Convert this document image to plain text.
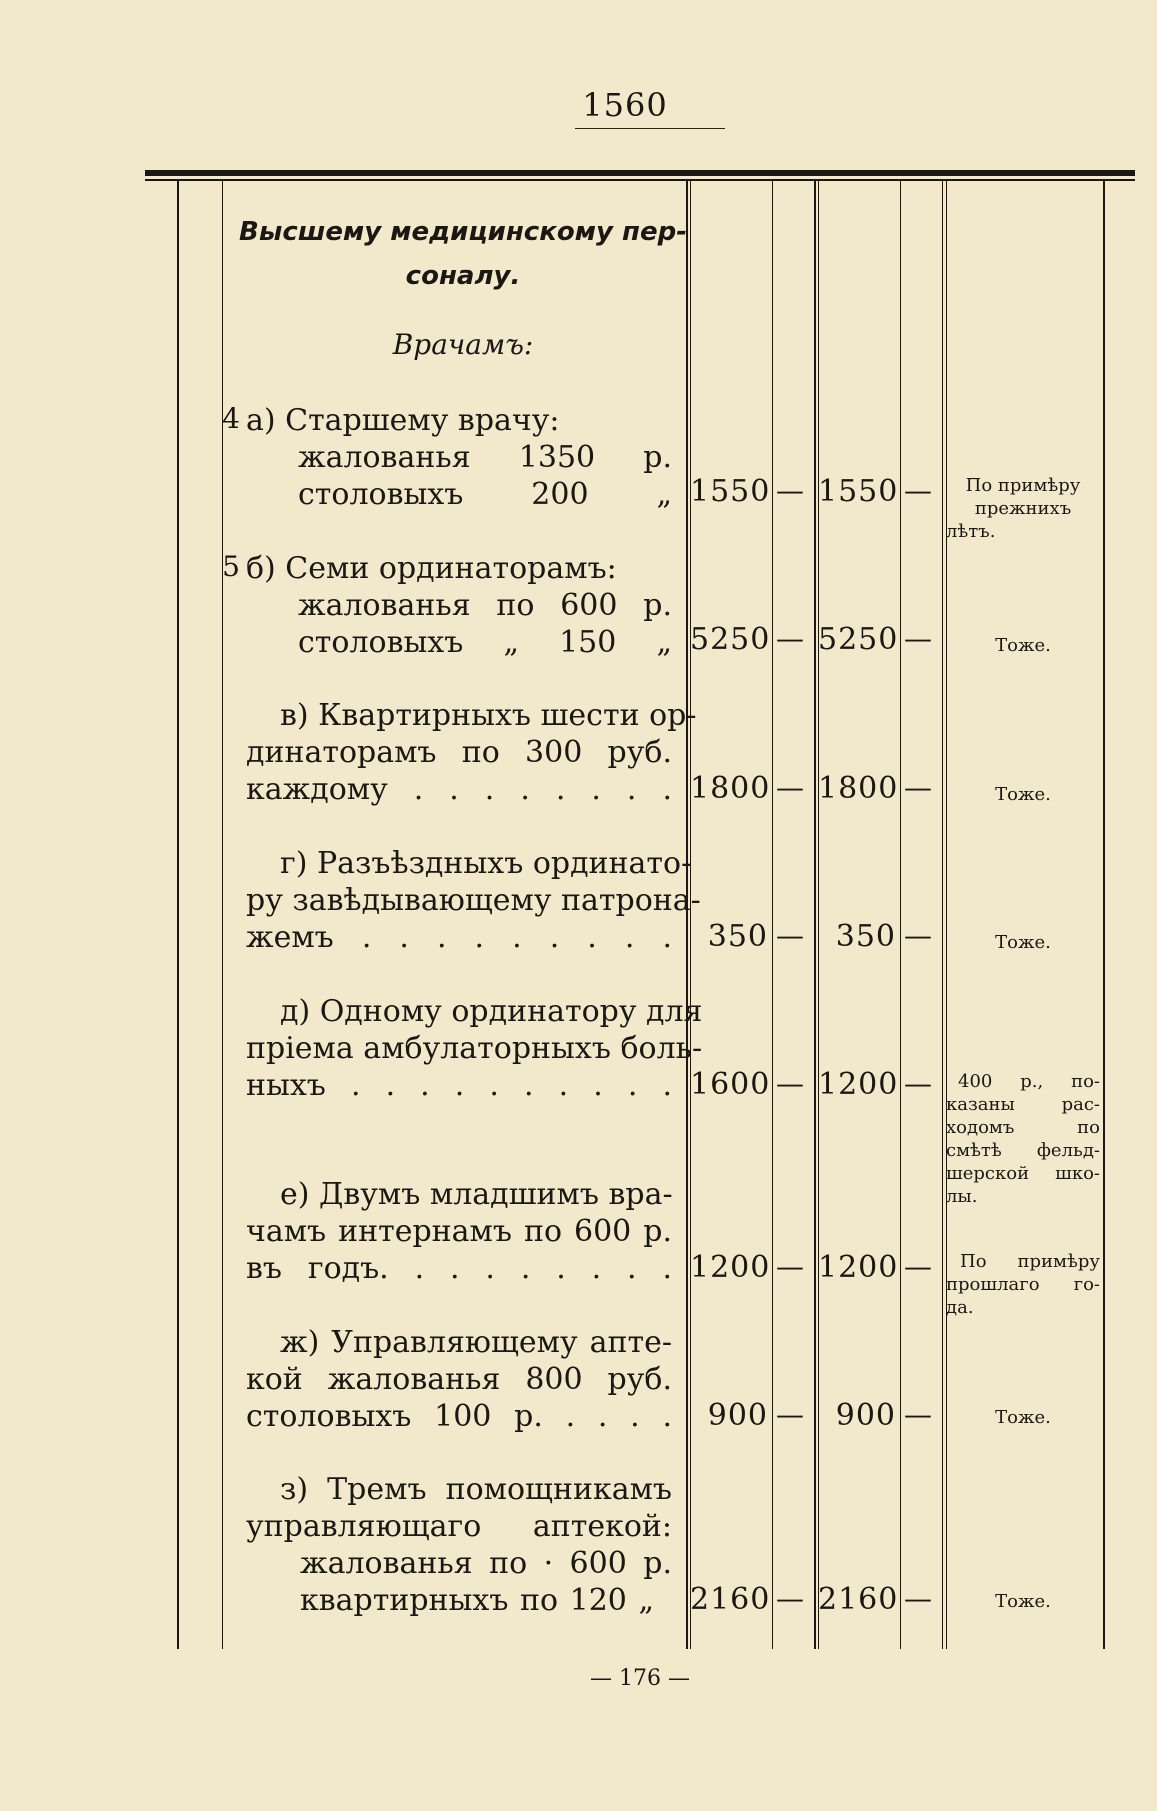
1560
Высшему медицинскому пер-
соналу.
Врачамъ:
4 а) Старшему врачу:
жалованья 1350 р.
столовыхъ 200 „ 1550 — 1550 —	По примѣру
прежнихъ
лѣтъ.
5 б) Семи ординаторамъ:
жалованья по 600 р.
столовыхъ „ 150 „ 5250 — 5250 —	Тоже.
в) Квартирныхъ шести ор-
динаторамъ по 300 руб.
каждому . . . . . . . . 1800 — 1800 —	Тоже.
г) Разъѣздныхъ ординато-
ру завѣдывающему патрона-
жемъ . . . . . . . . .	350 —	350 —	Тоже.
д) Одному ординатору для
пріема амбулаторныхъ боль-
ныхъ . . . . . . . . . . 1600 — 1200 —	400 р., по-
казаны рас-
ходомъ по
смѣтѣ фельд-
шерской шко-
лы.
е) Двумъ младшимъ вра-
чамъ интернамъ по 600 р.
въ годъ. . . . . . . . . 1200 — 1200 —	По примѣру
прошлаго го-
да.
ж) Управляющему апте-
кой жалованья 800 руб.
столовыхъ 100 р. . . . .	900 —	900 —	Тоже.
з) Тремъ помощникамъ
управляющаго аптекой:
жалованья по · 600 р.
квартирныхъ по 120 „	2160 — 2160 —	Тоже.
— 176 —
